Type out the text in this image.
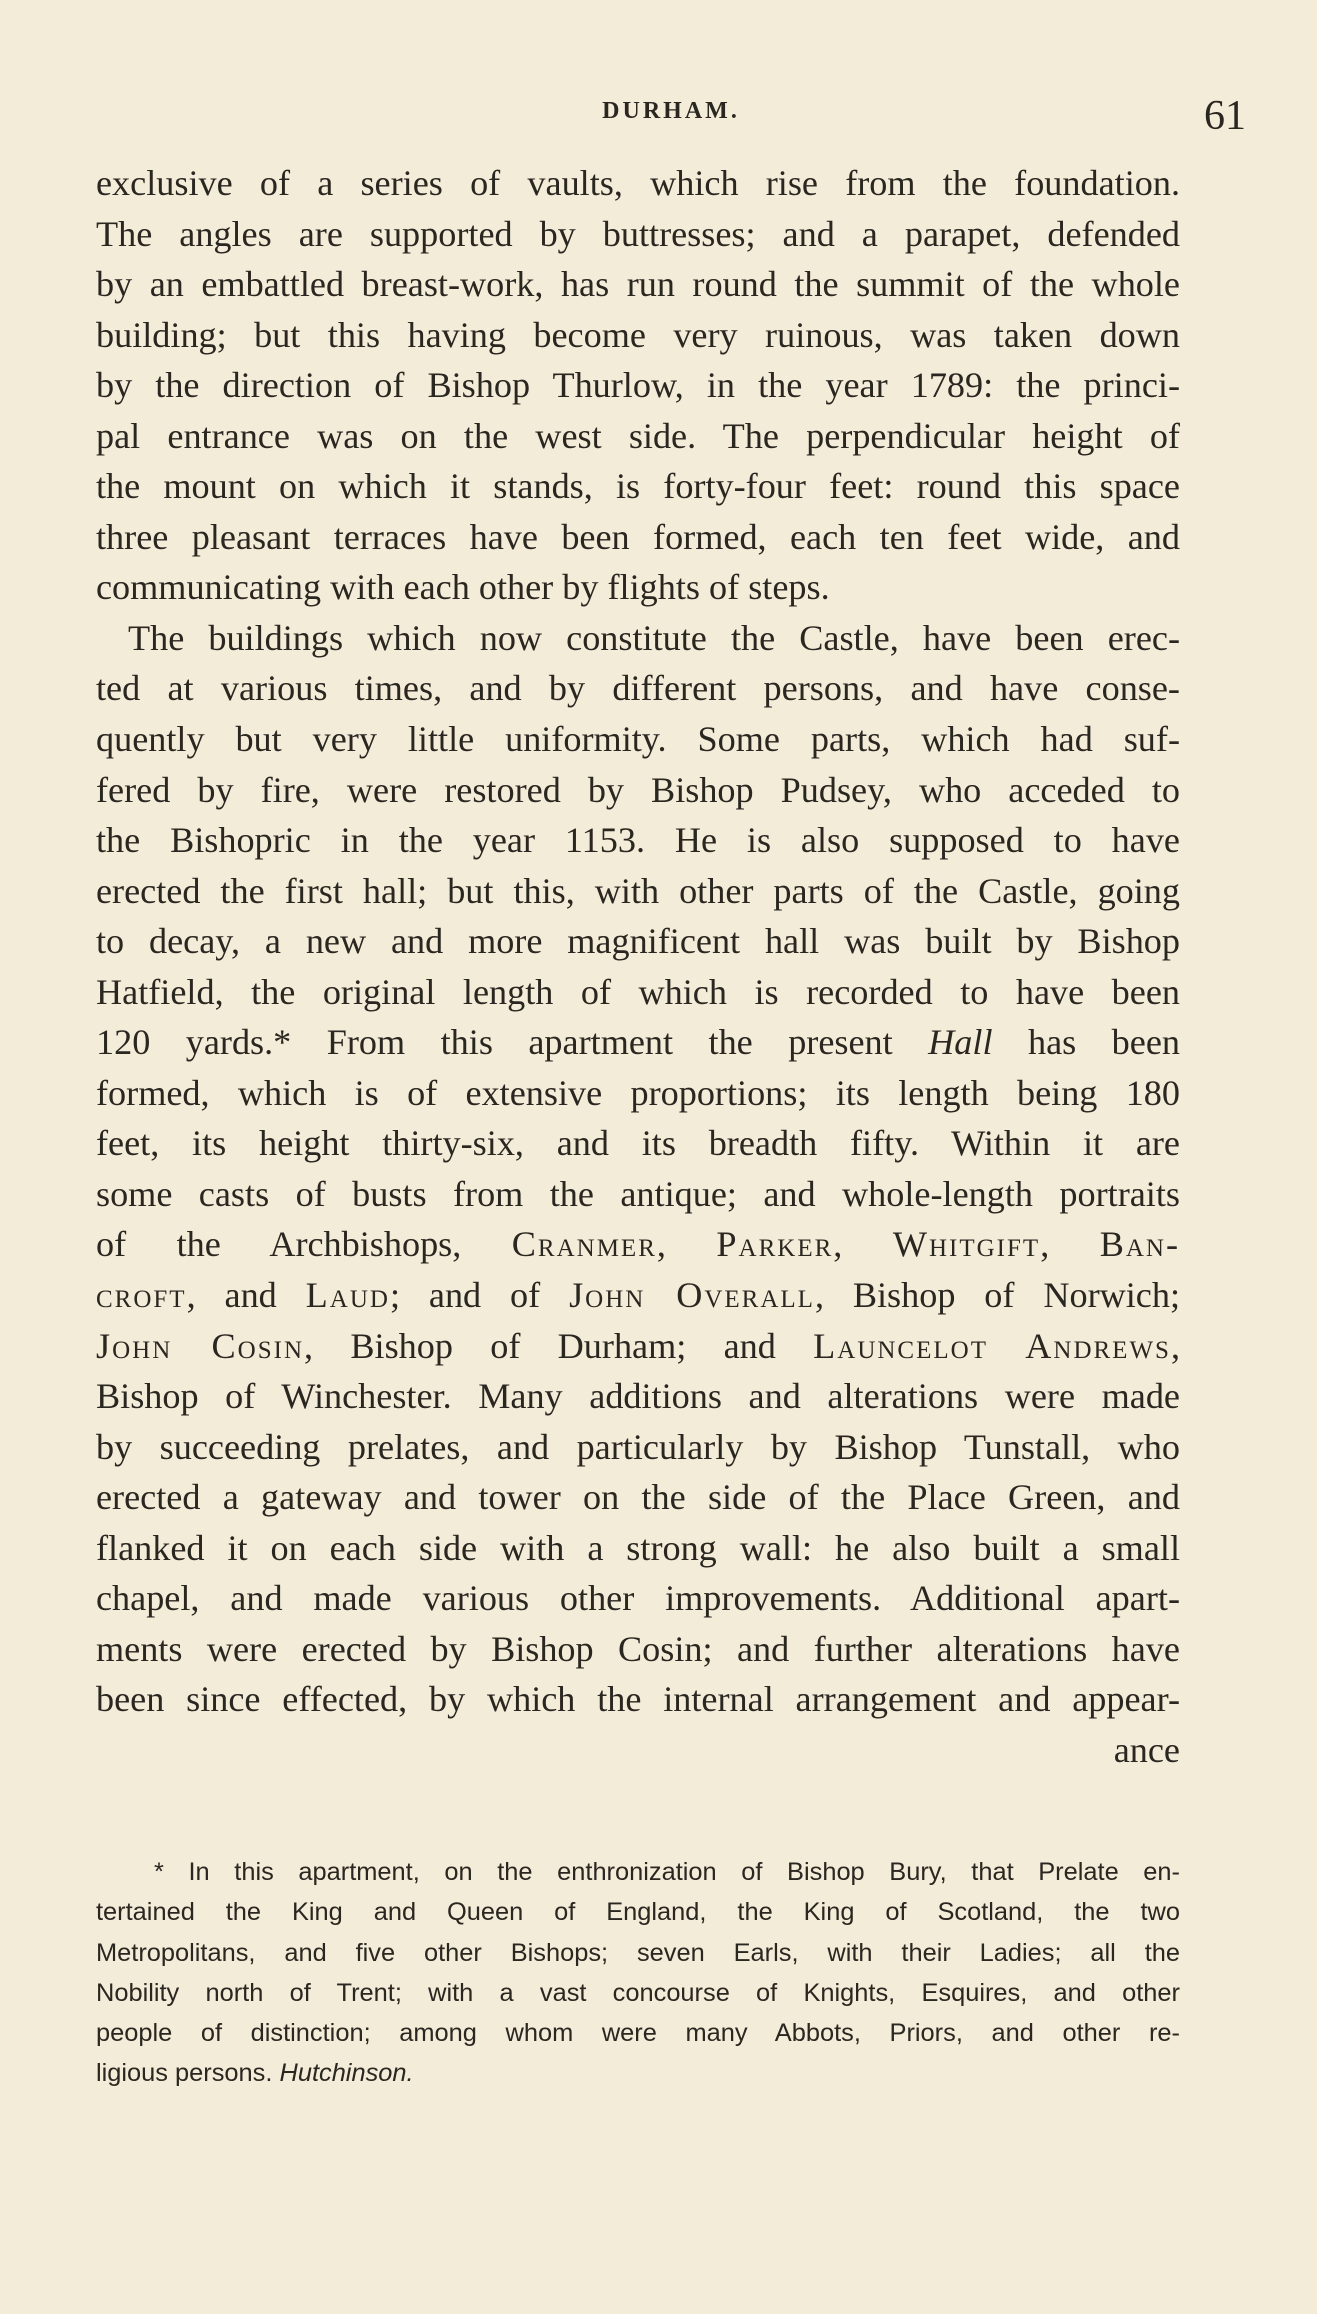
DURHAM.	61
exclusive of a series of vaults, which rise from the foundation.
The angles are supported by buttresses; and a parapet, defended
by an embattled breast-work, has run round the summit of the whole
building; but this having become very ruinous, was taken down
by the direction of Bishop Thurlow, in the year 1789: the princi-
pal entrance was on the west side. The perpendicular height of
the mount on which it stands, is forty-four feet: round this space
three pleasant terraces have been formed, each ten feet wide, and
communicating with each other by flights of steps.
The buildings which now constitute the Castle, have been erec-
ted at various times, and by different persons, and have conse-
quently but very little uniformity. Some parts, which had suf-
fered by fire, were restored by Bishop Pudsey, who acceded to
the Bishopric in the year 1153. He is also supposed to have
erected the first hall; but this, with other parts of the Castle, going
to decay, a new and more magnificent hall was built by Bishop
Hatfield, the original length of which is recorded to have been
120 yards.* From this apartment the present Hall has been
formed, which is of extensive proportions; its length being 180
feet, its height thirty-six, and its breadth fifty. Within it are
some casts of busts from the antique; and whole-length portraits
of the Archbishops, Cranmer, Parker, Whitgift, Ban-
croft, and Laud; and of John Overall, Bishop of Norwich;
John Cosin, Bishop of Durham; and Launcelot Andrews,
Bishop of Winchester. Many additions and alterations were made
by succeeding prelates, and particularly by Bishop Tunstall, who
erected a gateway and tower on the side of the Place Green, and
flanked it on each side with a strong wall: he also built a small
chapel, and made various other improvements. Additional apart-
ments were erected by Bishop Cosin; and further alterations have
been since effected, by which the internal arrangement and appear-
ance
* In this apartment, on the enthronization of Bishop Bury, that Prelate en-
tertained the King and Queen of England, the King of Scotland, the two
Metropolitans, and five other Bishops; seven Earls, with their Ladies; all the
Nobility north of Trent; with a vast concourse of Knights, Esquires, and other
people of distinction; among whom were many Abbots, Priors, and other re-
ligious persons. Hutchinson.
